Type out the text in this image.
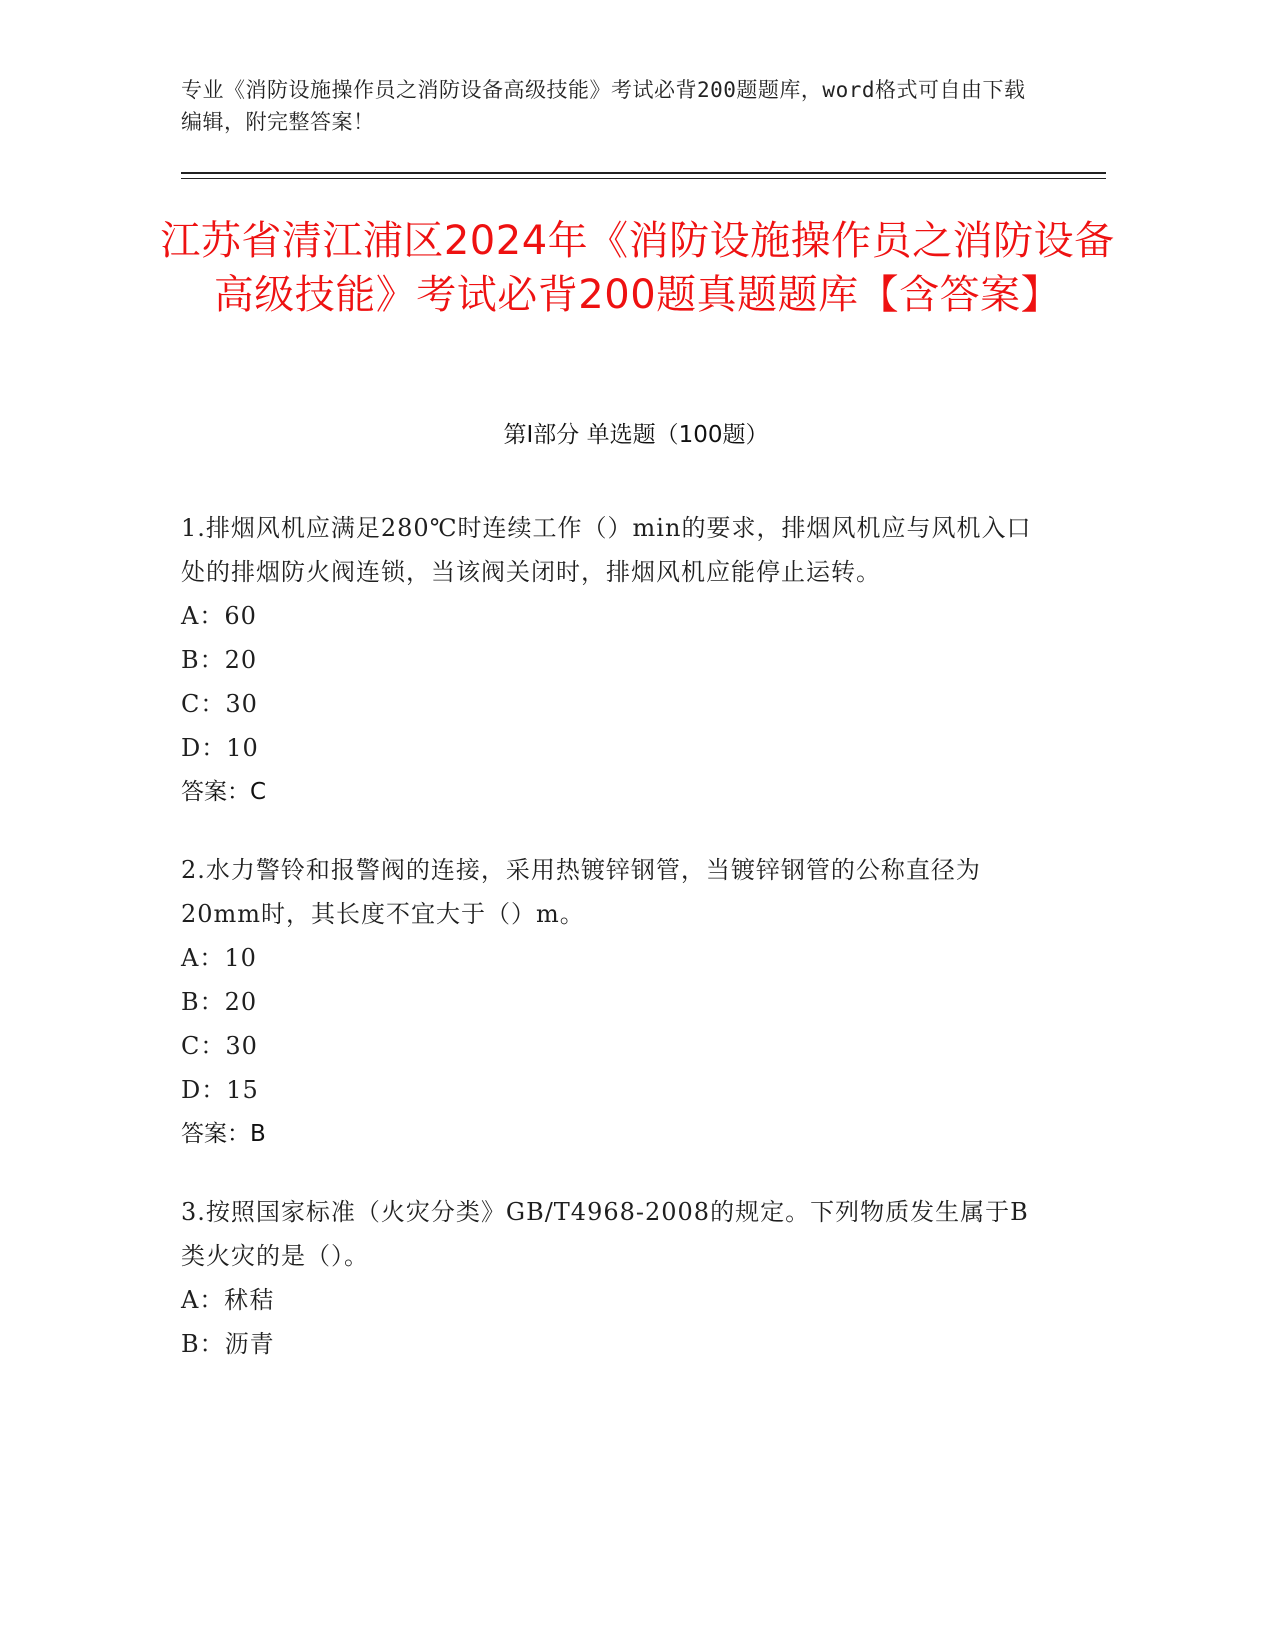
专业《消防设施操作员之消防设备高级技能》考试必背200题题库，word格式可自由下载编辑，附完整答案！
江苏省清江浦区2024年《消防设施操作员之消防设备高级技能》考试必背200题真题题库【含答案】
第Ⅰ部分 单选题（100题）
1.排烟风机应满足280℃时连续工作（）min的要求，排烟风机应与风机入口处的排烟防火阀连锁，当该阀关闭时，排烟风机应能停止运转。
A：60
B：20
C：30
D：10
答案：C
2.水力警铃和报警阀的连接，采用热镀锌钢管，当镀锌钢管的公称直径为20mm时，其长度不宜大于（）m。
A：10
B：20
C：30
D：15
答案：B
3.按照国家标准（火灾分类》GB/T4968-2008的规定。下列物质发生属于B类火灾的是（）。
A：秫秸
B：沥青
